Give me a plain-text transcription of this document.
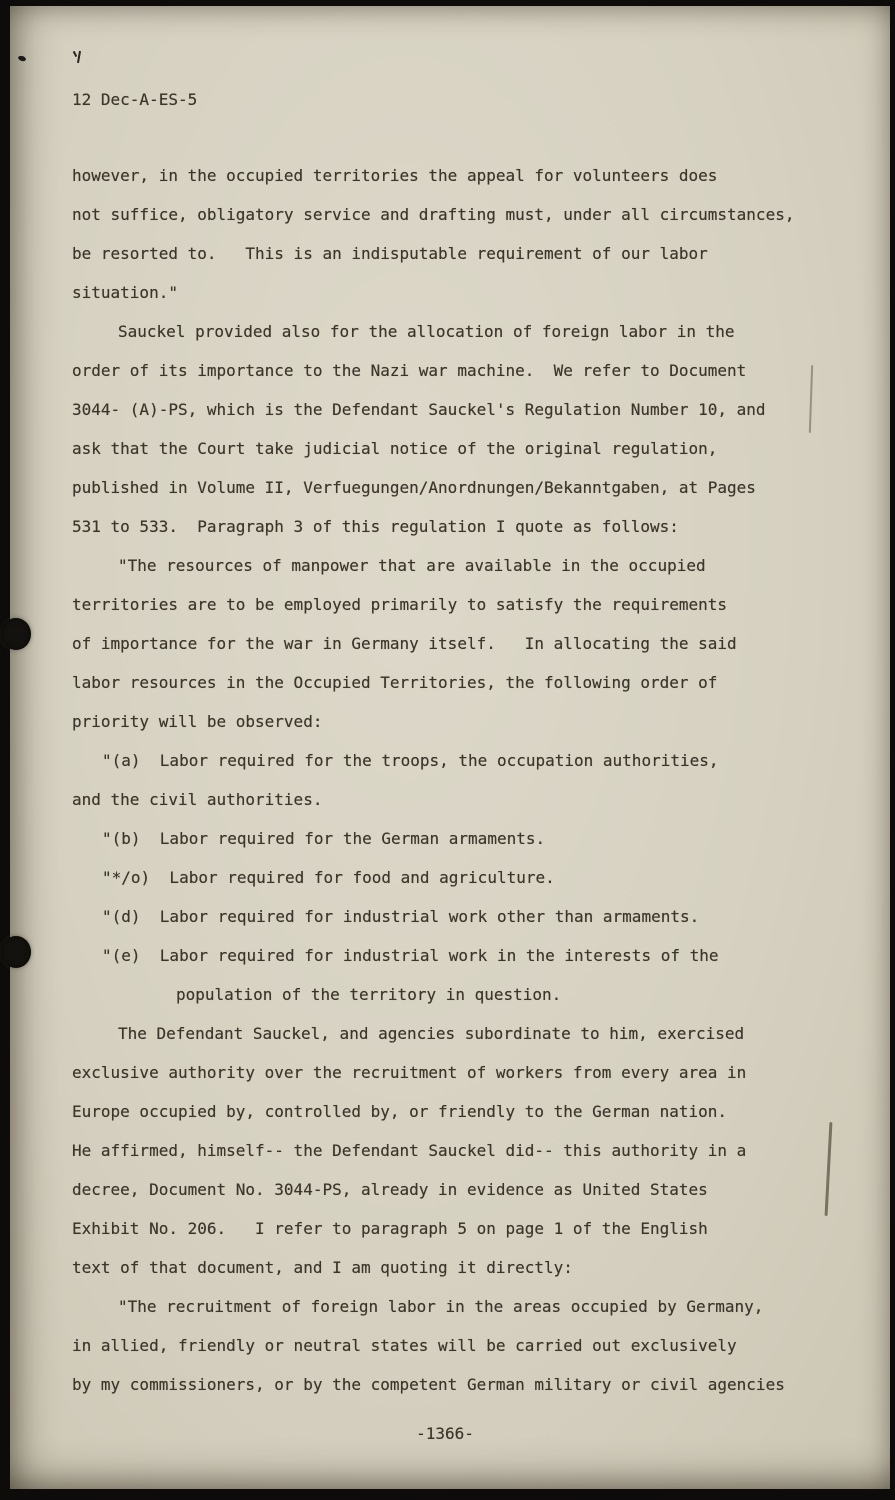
12 Dec-A-ES-5
however, in the occupied territories the appeal for volunteers does
not suffice, obligatory service and drafting must, under all circumstances,
be resorted to.   This is an indisputable requirement of our labor
situation."
Sauckel provided also for the allocation of foreign labor in the
order of its importance to the Nazi war machine.  We refer to Document
3044- (A)-PS, which is the Defendant Sauckel's Regulation Number 10, and
ask that the Court take judicial notice of the original regulation,
published in Volume II, Verfuegungen/Anordnungen/Bekanntgaben, at Pages
531 to 533.  Paragraph 3 of this regulation I quote as follows:
"The resources of manpower that are available in the occupied
territories are to be employed primarily to satisfy the requirements
of importance for the war in Germany itself.   In allocating the said
labor resources in the Occupied Territories, the following order of
priority will be observed:
"(a)  Labor required for the troops, the occupation authorities,
and the civil authorities.
"(b)  Labor required for the German armaments.
"*/o)  Labor required for food and agriculture.
"(d)  Labor required for industrial work other than armaments.
"(e)  Labor required for industrial work in the interests of the
population of the territory in question.
The Defendant Sauckel, and agencies subordinate to him, exercised
exclusive authority over the recruitment of workers from every area in
Europe occupied by, controlled by, or friendly to the German nation.
He affirmed, himself-- the Defendant Sauckel did-- this authority in a
decree, Document No. 3044-PS, already in evidence as United States
Exhibit No. 206.   I refer to paragraph 5 on page 1 of the English
text of that document, and I am quoting it directly:
"The recruitment of foreign labor in the areas occupied by Germany,
in allied, friendly or neutral states will be carried out exclusively
by my commissioners, or by the competent German military or civil agencies
-1366-
